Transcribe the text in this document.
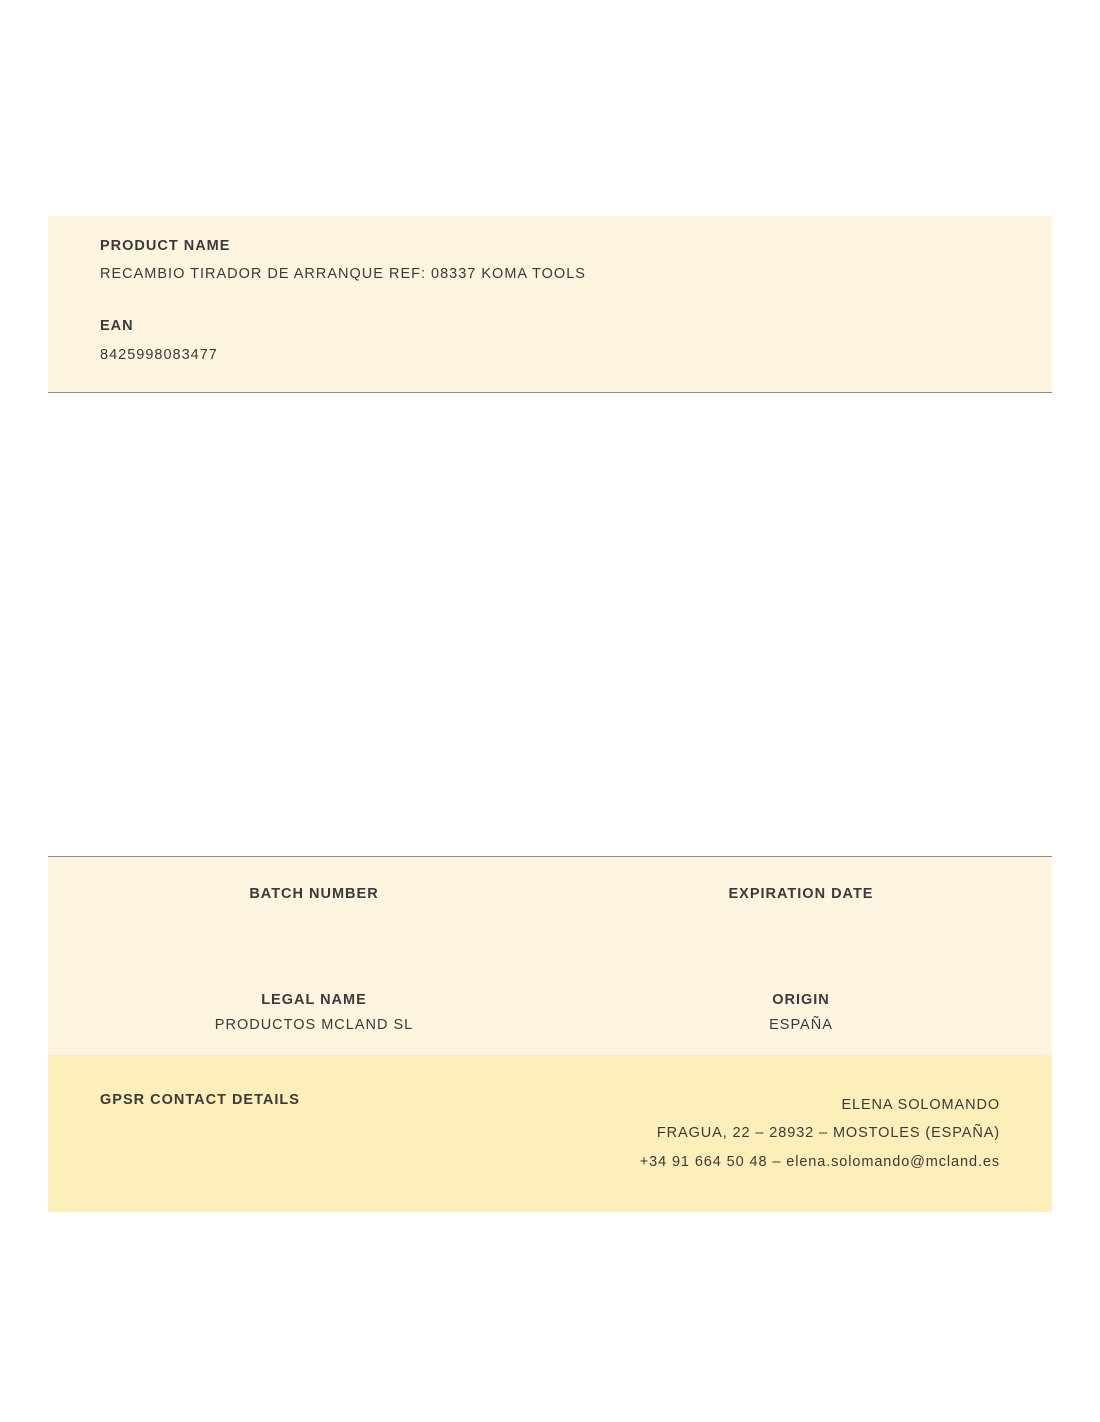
PRODUCT NAME

RECAMBIO TIRADOR DE ARRANQUE REF: 08337 KOMA TOOLS

EAN

8425998083477

BATCH NUMBER	EXPIRATION DATE

LEGAL NAME

PRODUCTOS MCLAND SL

ORIGIN

ESPAÑA

GPSR CONTACT DETAILS	ELENA SOLOMANDO
FRAGUA, 22 – 28932 – MOSTOLES (ESPAÑA)
+34 91 664 50 48 – elena.solomando@mcland.es
